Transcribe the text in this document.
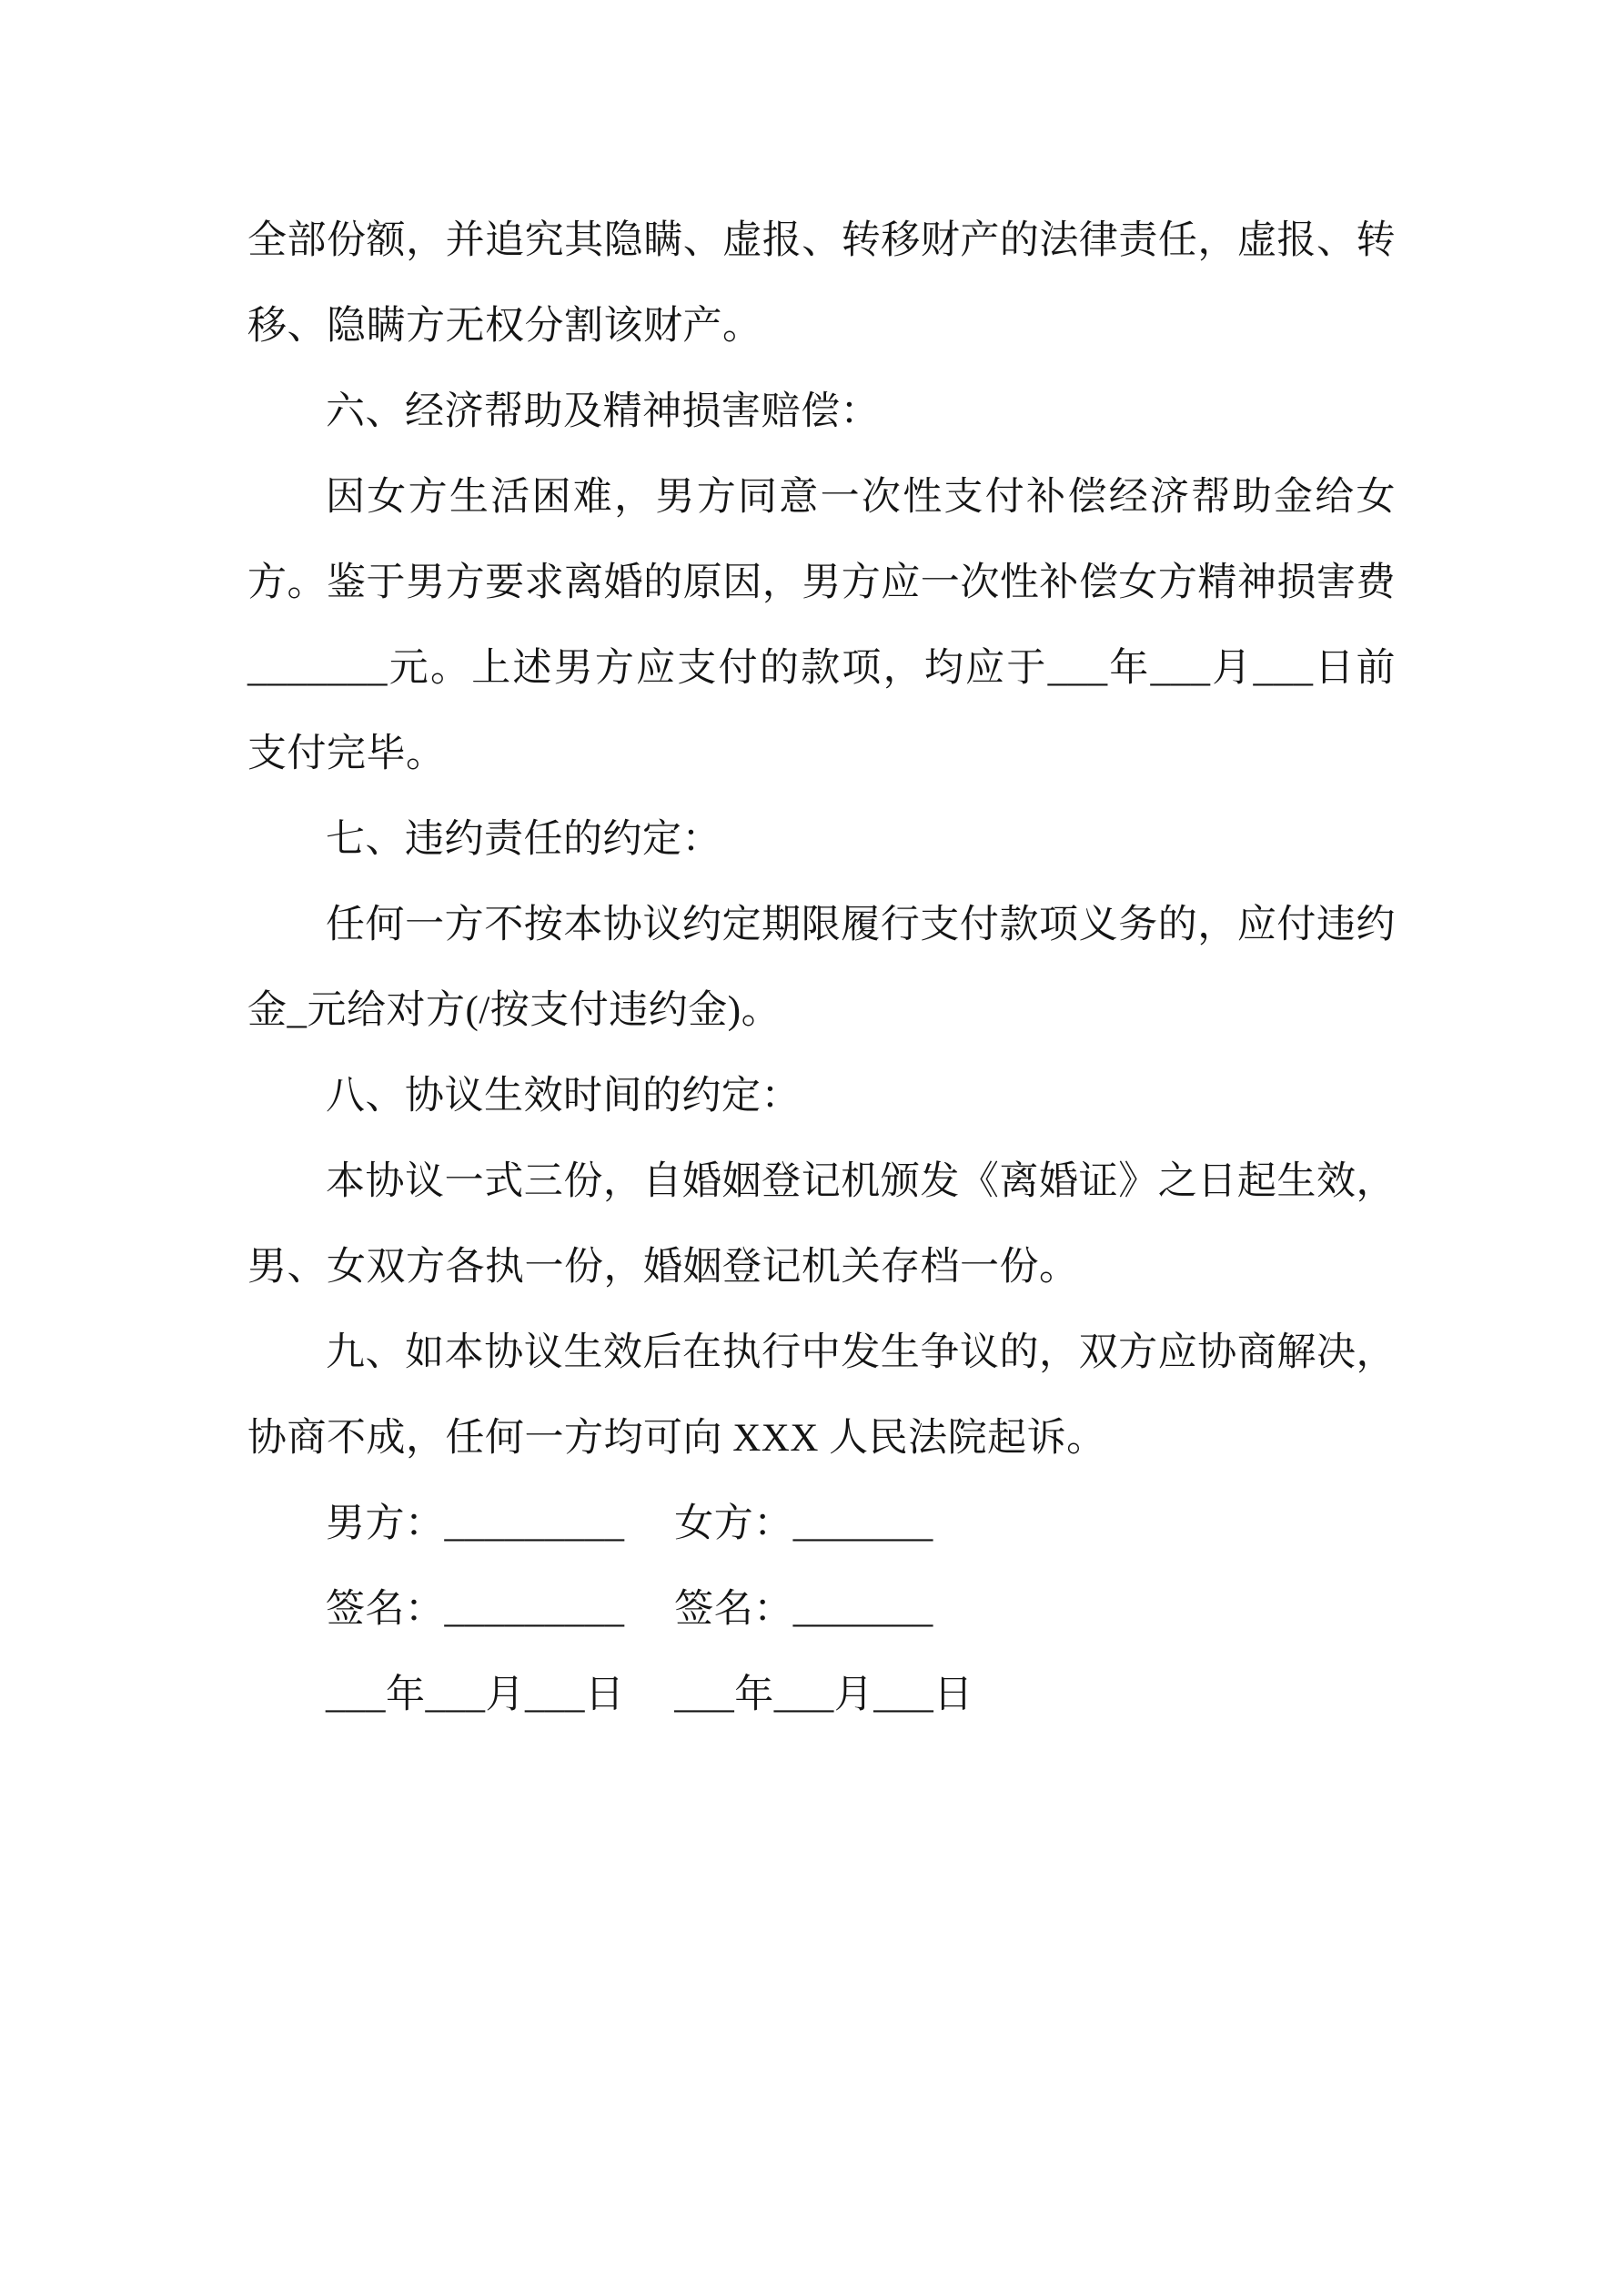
全部份额，并追究其隐瞒、虚报、转移财产的法律责任，虚报、转移、隐瞒方无权分割该财产。

六、经济帮助及精神损害赔偿：

因女方生活困难，男方同意一次性支付补偿经济帮助金给女方。鉴于男方要求离婚的原因，男方应一次性补偿女方精神损害费_______元。上述男方应支付的款项，均应于___年___月___日前支付完毕。

七、违约责任的约定：

任何一方不按本协议约定期限履行支付款项义务的，应付违约金_元给对方(/按支付违约金)。

八、协议生效时间的约定：

本协议一式三份，自婚姻登记机颁发《离婚证》之日起生效，男、女双方各执一份，婚姻登记机关存档一份。

九、如本协议生效后在执行中发生争议的，双方应协商解决，协商不成，任何一方均可向 XXX 人民法院起诉。

男方：_________　 女方：_______

签名：_________　 签名：_______

___年___月___日　 ___年___月___日
